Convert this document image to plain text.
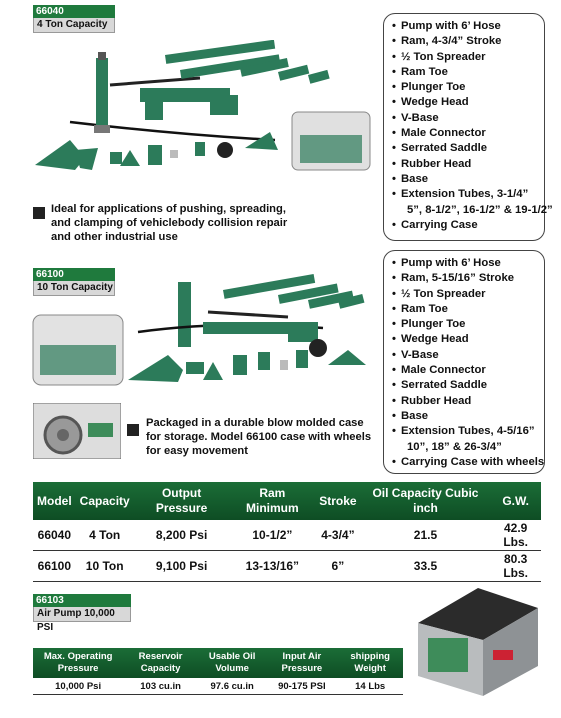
66040
4 Ton Capacity
Ideal for applications of pushing, spreading,
and clamping of vehiclebody collision repair
and other industrial use
• Pump with 6’ Hose
• Ram, 4-3/4” Stroke
• ½ Ton Spreader
• Ram Toe
• Plunger Toe
• Wedge Head
• V-Base
• Male Connector
• Serrated Saddle
• Rubber Head
• Base
• Extension Tubes, 3-1/4”
5”, 8-1/2”, 16-1/2” & 19-1/2”
• Carrying Case
66100
10 Ton Capacity
Packaged in a durable blow molded case
for storage. Model 66100 case with wheels
for easy movement
• Pump with 6’ Hose
• Ram, 5-15/16” Stroke
• ½ Ton Spreader
• Ram Toe
• Plunger Toe
• Wedge Head
• V-Base
• Male Connector
• Serrated Saddle
• Rubber Head
• Base
• Extension Tubes, 4-5/16”
10”, 18” & 26-3/4”
• Carrying Case with wheels
Model	Capacity	Output Pressure	Ram Minimum	Stroke	Oil Capacity Cubic inch	G.W.
66040	4 Ton	8,200 Psi	10-1/2”	4-3/4”	21.5	42.9 Lbs.
66100	10 Ton	9,100 Psi	13-13/16”	6”	33.5	80.3 Lbs.
66103
Air Pump 10,000 PSI
Max. Operating Pressure	Reservoir Capacity	Usable Oil Volume	Input Air Pressure	shipping Weight
10,000 Psi	103 cu.in	97.6 cu.in	90-175 PSI	14 Lbs
